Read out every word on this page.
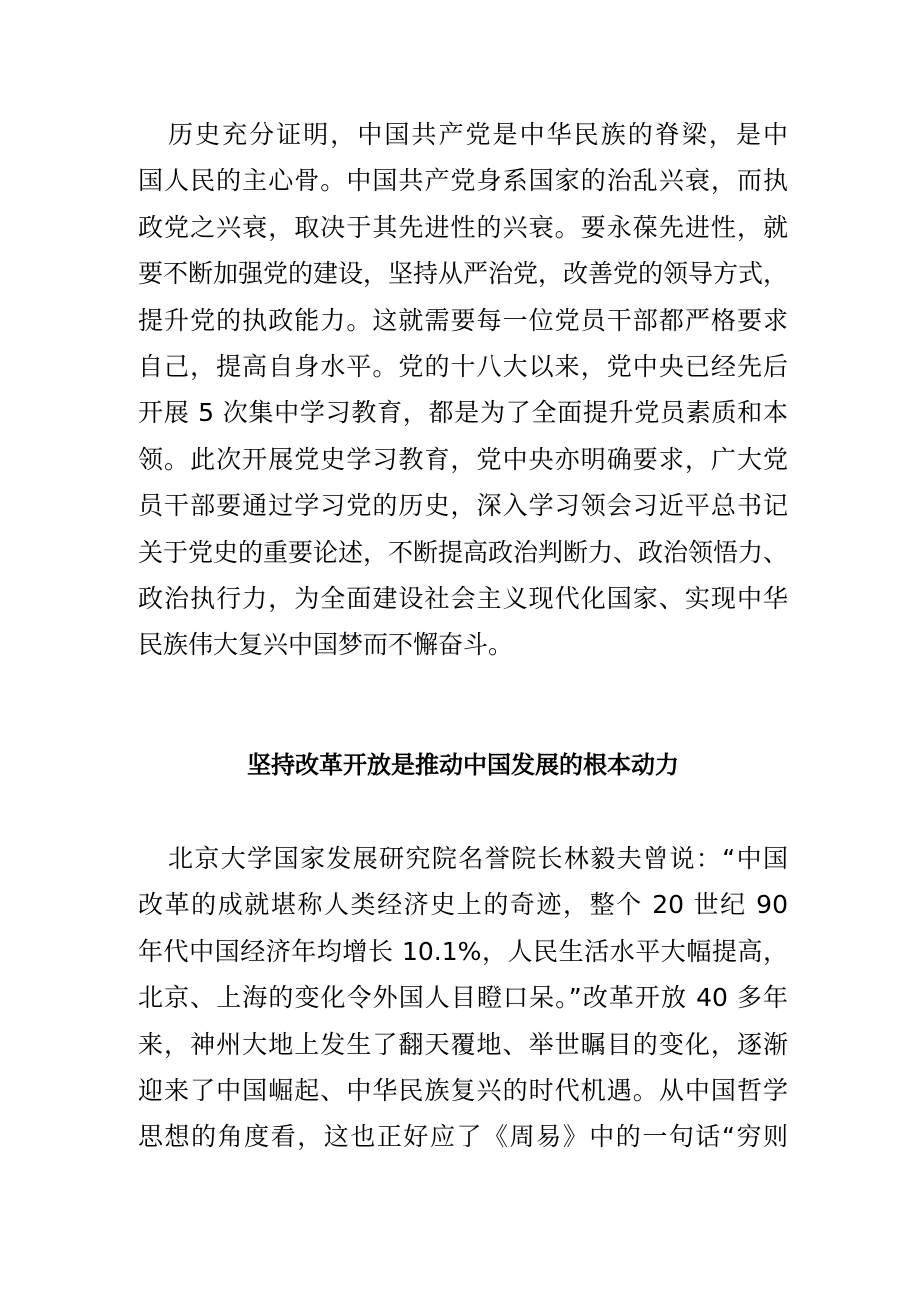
历史充分证明，中国共产党是中华民族的脊梁，是中
国人民的主心骨。中国共产党身系国家的治乱兴衰，而执
政党之兴衰，取决于其先进性的兴衰。要永葆先进性，就
要不断加强党的建设，坚持从严治党，改善党的领导方式，
提升党的执政能力。这就需要每一位党员干部都严格要求
自己，提高自身水平。党的十八大以来，党中央已经先后
开展 5 次集中学习教育，都是为了全面提升党员素质和本
领。此次开展党史学习教育，党中央亦明确要求，广大党
员干部要通过学习党的历史，深入学习领会习近平总书记
关于党史的重要论述，不断提高政治判断力、政治领悟力、
政治执行力，为全面建设社会主义现代化国家、实现中华
民族伟大复兴中国梦而不懈奋斗。
坚持改革开放是推动中国发展的根本动力
北京大学国家发展研究院名誉院长林毅夫曾说：“中国
改革的成就堪称人类经济史上的奇迹，整个 20 世纪 90
年代中国经济年均增长 10.1%，人民生活水平大幅提高，
北京、上海的变化令外国人目瞪口呆。”改革开放 40 多年
来，神州大地上发生了翻天覆地、举世瞩目的变化，逐渐
迎来了中国崛起、中华民族复兴的时代机遇。从中国哲学
思想的角度看，这也正好应了《周易》中的一句话“穷则
